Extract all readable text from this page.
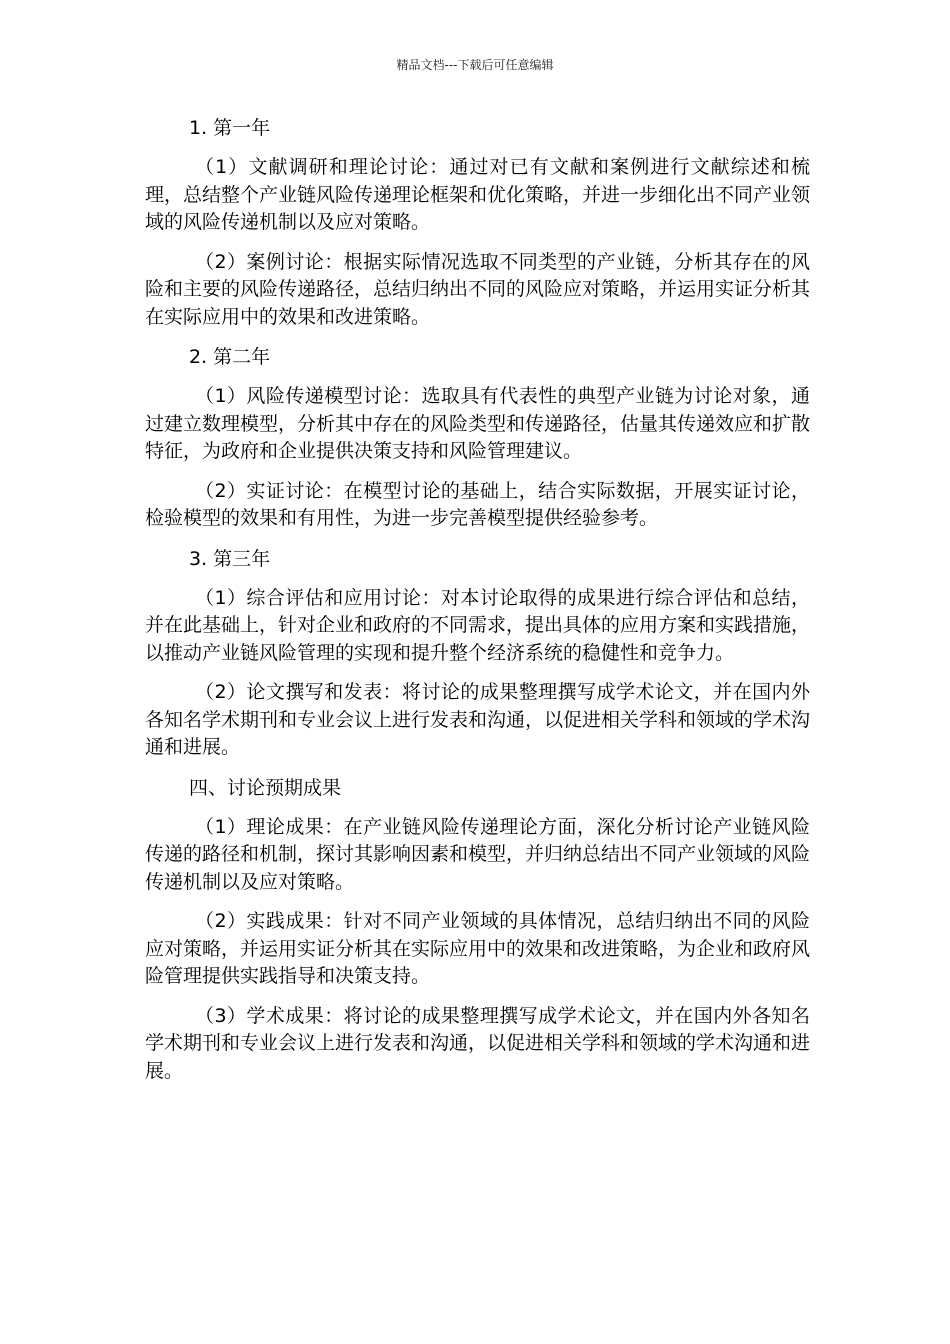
精品文档---下载后可任意编辑
1. 第一年

（1）文献调研和理论讨论：通过对已有文献和案例进行文献综述和梳理，总结整个产业链风险传递理论框架和优化策略，并进一步细化出不同产业领域的风险传递机制以及应对策略。

（2）案例讨论：根据实际情况选取不同类型的产业链，分析其存在的风险和主要的风险传递路径，总结归纳出不同的风险应对策略，并运用实证分析其在实际应用中的效果和改进策略。

2. 第二年

（1）风险传递模型讨论：选取具有代表性的典型产业链为讨论对象，通过建立数理模型，分析其中存在的风险类型和传递路径，估量其传递效应和扩散特征，为政府和企业提供决策支持和风险管理建议。

（2）实证讨论：在模型讨论的基础上，结合实际数据，开展实证讨论，检验模型的效果和有用性，为进一步完善模型提供经验参考。

3. 第三年

（1）综合评估和应用讨论：对本讨论取得的成果进行综合评估和总结，并在此基础上，针对企业和政府的不同需求，提出具体的应用方案和实践措施，以推动产业链风险管理的实现和提升整个经济系统的稳健性和竞争力。

（2）论文撰写和发表：将讨论的成果整理撰写成学术论文，并在国内外各知名学术期刊和专业会议上进行发表和沟通，以促进相关学科和领域的学术沟通和进展。

四、讨论预期成果

（1）理论成果：在产业链风险传递理论方面，深化分析讨论产业链风险传递的路径和机制，探讨其影响因素和模型，并归纳总结出不同产业领域的风险传递机制以及应对策略。

（2）实践成果：针对不同产业领域的具体情况，总结归纳出不同的风险应对策略，并运用实证分析其在实际应用中的效果和改进策略，为企业和政府风险管理提供实践指导和决策支持。

（3）学术成果：将讨论的成果整理撰写成学术论文，并在国内外各知名学术期刊和专业会议上进行发表和沟通，以促进相关学科和领域的学术沟通和进展。
